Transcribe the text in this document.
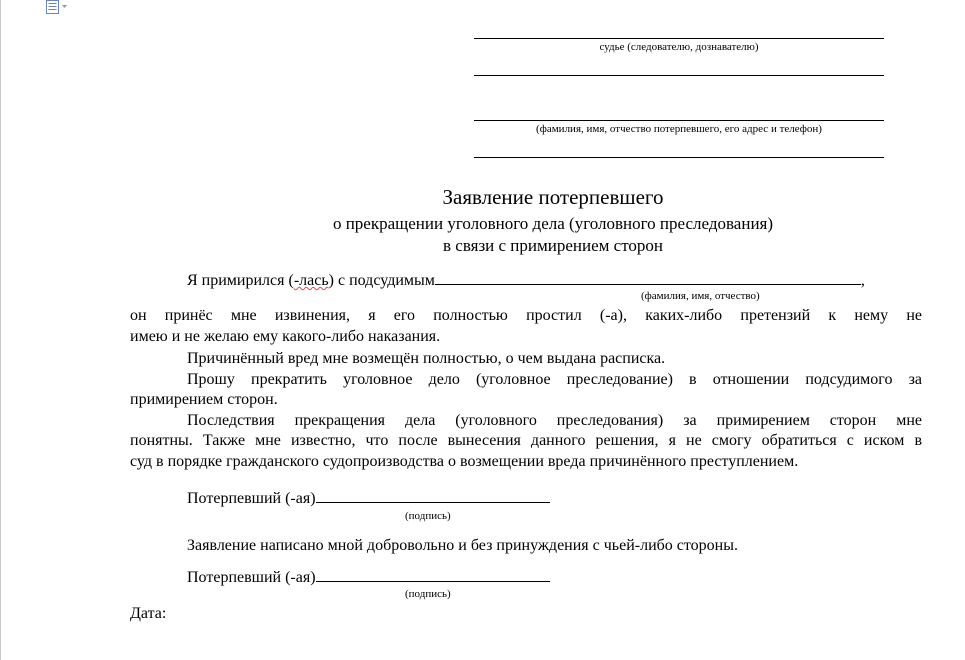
судье (следователю, дознавателю)
(фамилия, имя, отчество потерпевшего, его адрес и телефон)
Заявление потерпевшего
о прекращении уголовного дела (уголовного преследования)
в связи с примирением сторон
Я примирился (-лась) с подсудимым	,
(фамилия, имя, отчество)
он принёс мне извинения, я его полностью простил (-а), каких-либо претензий к нему не
имею и не желаю ему какого-либо наказания.
Причинённый вред мне возмещён полностью, о чем выдана расписка.
Прошу прекратить уголовное дело (уголовное преследование) в отношении подсудимого за
примирением сторон.
Последствия прекращения дела (уголовного преследования) за примирением сторон мне
понятны. Также мне известно, что после вынесения данного решения, я не смогу обратиться с иском в
суд в порядке гражданского судопроизводства о возмещении вреда причинённого преступлением.
Потерпевший (-ая)
(подпись)
Заявление написано мной добровольно и без принуждения с чьей-либо стороны.
Потерпевший (-ая)
(подпись)
Дата:
